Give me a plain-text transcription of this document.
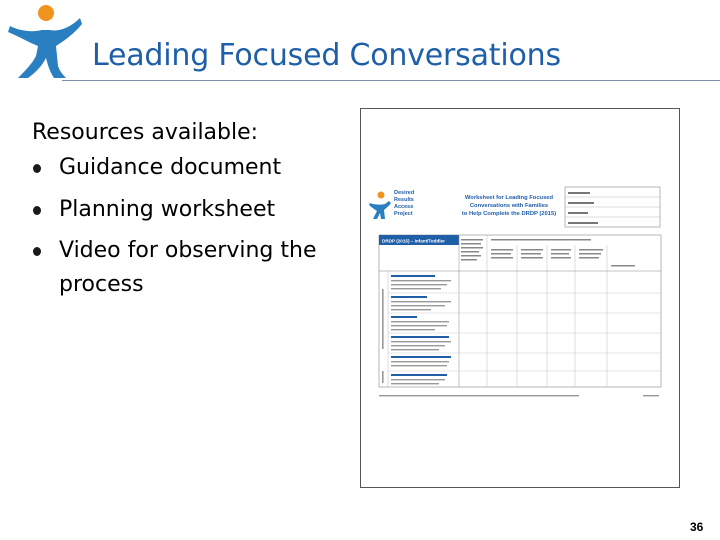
Leading Focused Conversations
Resources available:
Guidance document
Planning worksheet
Video for observing the process
Desired
Results
Access
Project
Worksheet for Leading Focused
Conversations with Families
to Help Complete the DRDP (2015)
DRDP (2015) – Infant/Toddler
36
